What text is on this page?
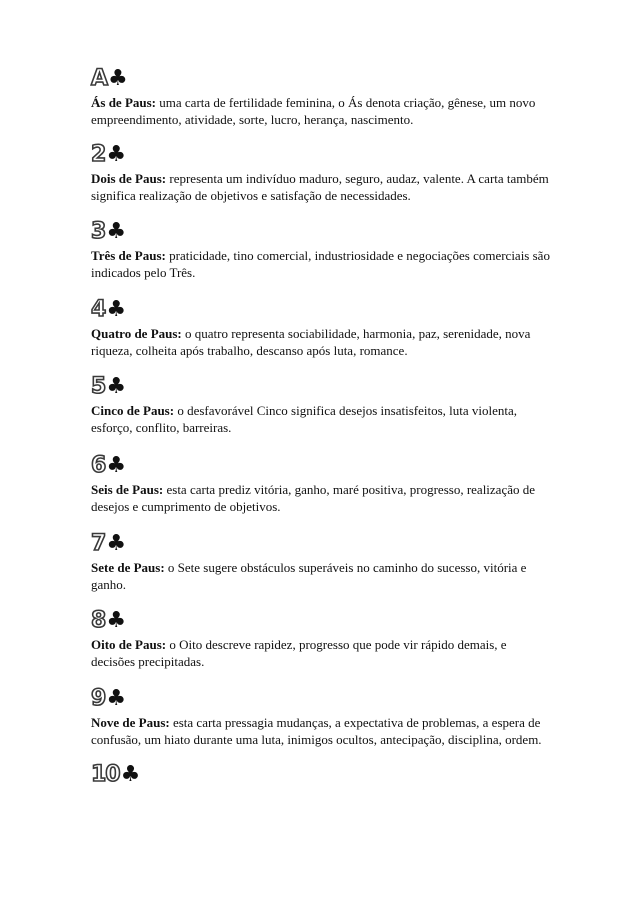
A ♣

Ás de Paus: uma carta de fertilidade feminina, o Ás denota criação, gênese, um novo empreendimento, atividade, sorte, lucro, herança, nascimento.

2 ♣

Dois de Paus: representa um indivíduo maduro, seguro, audaz, valente. A carta também significa realização de objetivos e satisfação de necessidades.

3 ♣

Três de Paus: praticidade, tino comercial, industriosidade e negociações comerciais são indicados pelo Três.

4 ♣

Quatro de Paus: o quatro representa sociabilidade, harmonia, paz, serenidade, nova riqueza, colheita após trabalho, descanso após luta, romance.

5 ♣

Cinco de Paus: o desfavorável Cinco significa desejos insatisfeitos, luta violenta, esforço, conflito, barreiras.

6 ♣

Seis de Paus: esta carta prediz vitória, ganho, maré positiva, progresso, realização de desejos e cumprimento de objetivos.

7 ♣

Sete de Paus: o Sete sugere obstáculos superáveis no caminho do sucesso, vitória e ganho.

8 ♣

Oito de Paus: o Oito descreve rapidez, progresso que pode vir rápido demais, e decisões precipitadas.

9 ♣

Nove de Paus: esta carta pressagia mudanças, a expectativa de problemas, a espera de confusão, um hiato durante uma luta, inimigos ocultos, antecipação, disciplina, ordem.

10 ♣
